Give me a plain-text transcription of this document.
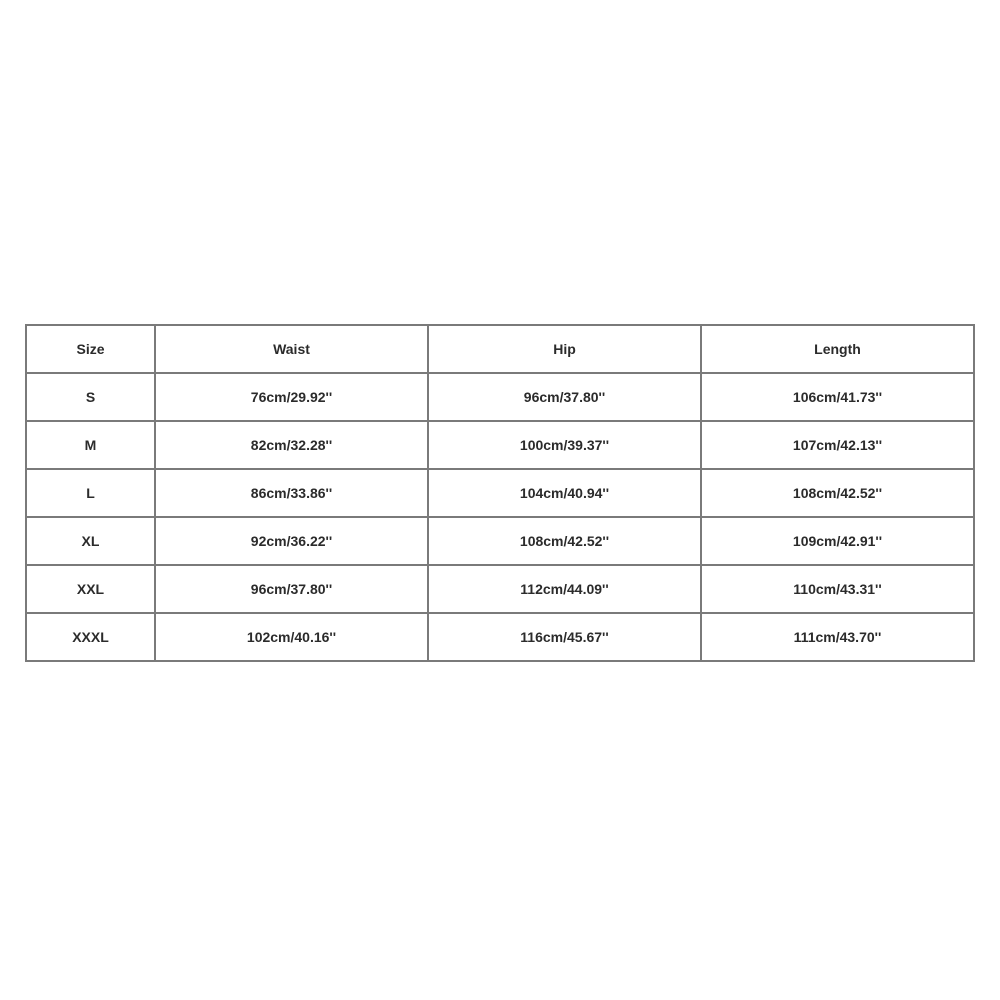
Size	Waist	Hip	Length
S	76cm/29.92''	96cm/37.80''	106cm/41.73''
M	82cm/32.28''	100cm/39.37''	107cm/42.13''
L	86cm/33.86''	104cm/40.94''	108cm/42.52''
XL	92cm/36.22''	108cm/42.52''	109cm/42.91''
XXL	96cm/37.80''	112cm/44.09''	110cm/43.31''
XXXL	102cm/40.16''	116cm/45.67''	111cm/43.70''
